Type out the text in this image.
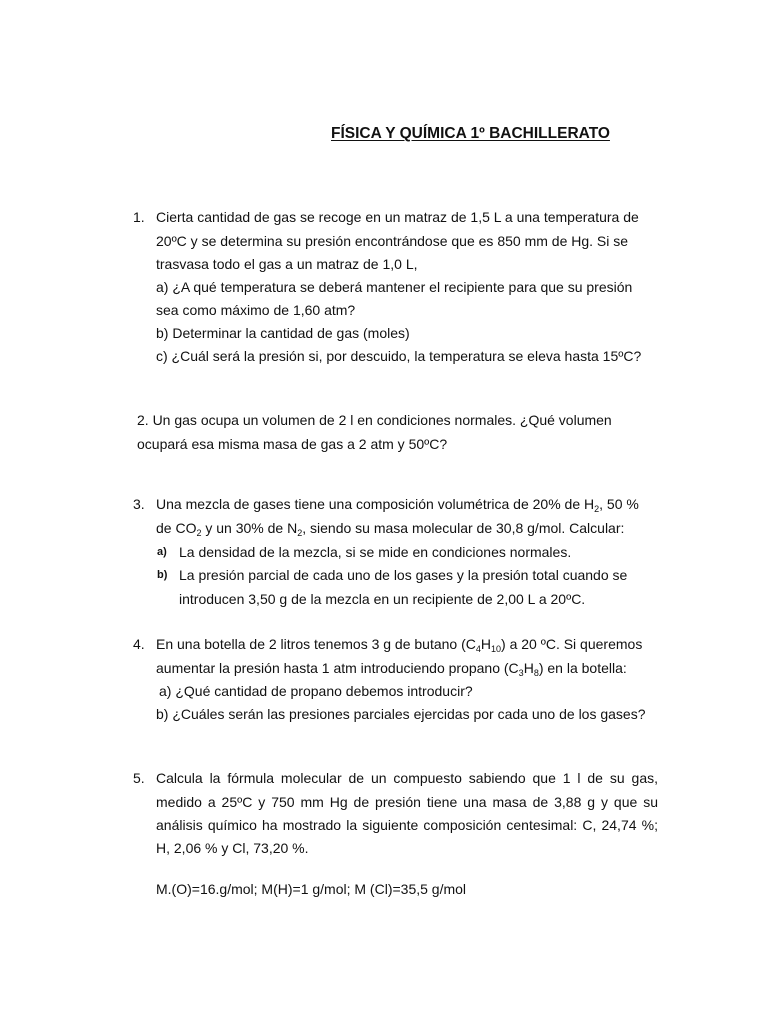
FÍSICA Y QUÍMICA 1º BACHILLERATO
1. Cierta cantidad de gas se recoge en un matraz de 1,5 L a una temperatura de
20ºC y se determina su presión encontrándose que es 850 mm de Hg. Si se
trasvasa todo el gas a un matraz de 1,0 L,
a) ¿A qué temperatura se deberá mantener el recipiente para que su presión
sea como máximo de 1,60 atm?
b) Determinar la cantidad de gas (moles)
c) ¿Cuál será la presión si, por descuido, la temperatura se eleva hasta 15ºC?
2. Un gas ocupa un volumen de 2 l en condiciones normales. ¿Qué volumen
ocupará esa misma masa de gas a 2 atm y 50ºC?
3. Una mezcla de gases tiene una composición volumétrica de 20% de $H_2$, 50 %
de $CO_2$ y un 30% de $N_2$, siendo su masa molecular de 30,8 g/mol. Calcular:
a) La densidad de la mezcla, si se mide en condiciones normales.
b) La presión parcial de cada uno de los gases y la presión total cuando se
introducen 3,50 g de la mezcla en un recipiente de 2,00 L a 20ºC.
4. En una botella de 2 litros tenemos 3 g de butano $(C_4H_{10})$ a 20 ºC. Si queremos
aumentar la presión hasta 1 atm introduciendo propano $(C_3H_8)$ en la botella:
a) ¿Qué cantidad de propano debemos introducir?
b) ¿Cuáles serán las presiones parciales ejercidas por cada uno de los gases?
5. Calcula la fórmula molecular de un compuesto sabiendo que 1 l de su gas,
medido a 25ºC y 750 mm Hg de presión tiene una masa de 3,88 g y que su
análisis químico ha mostrado la siguiente composición centesimal: C, 24,74 %;
H, 2,06 % y Cl, 73,20 %.
M.(O)=16.g/mol; M(H)=1 g/mol; M (Cl)=35,5 g/mol
